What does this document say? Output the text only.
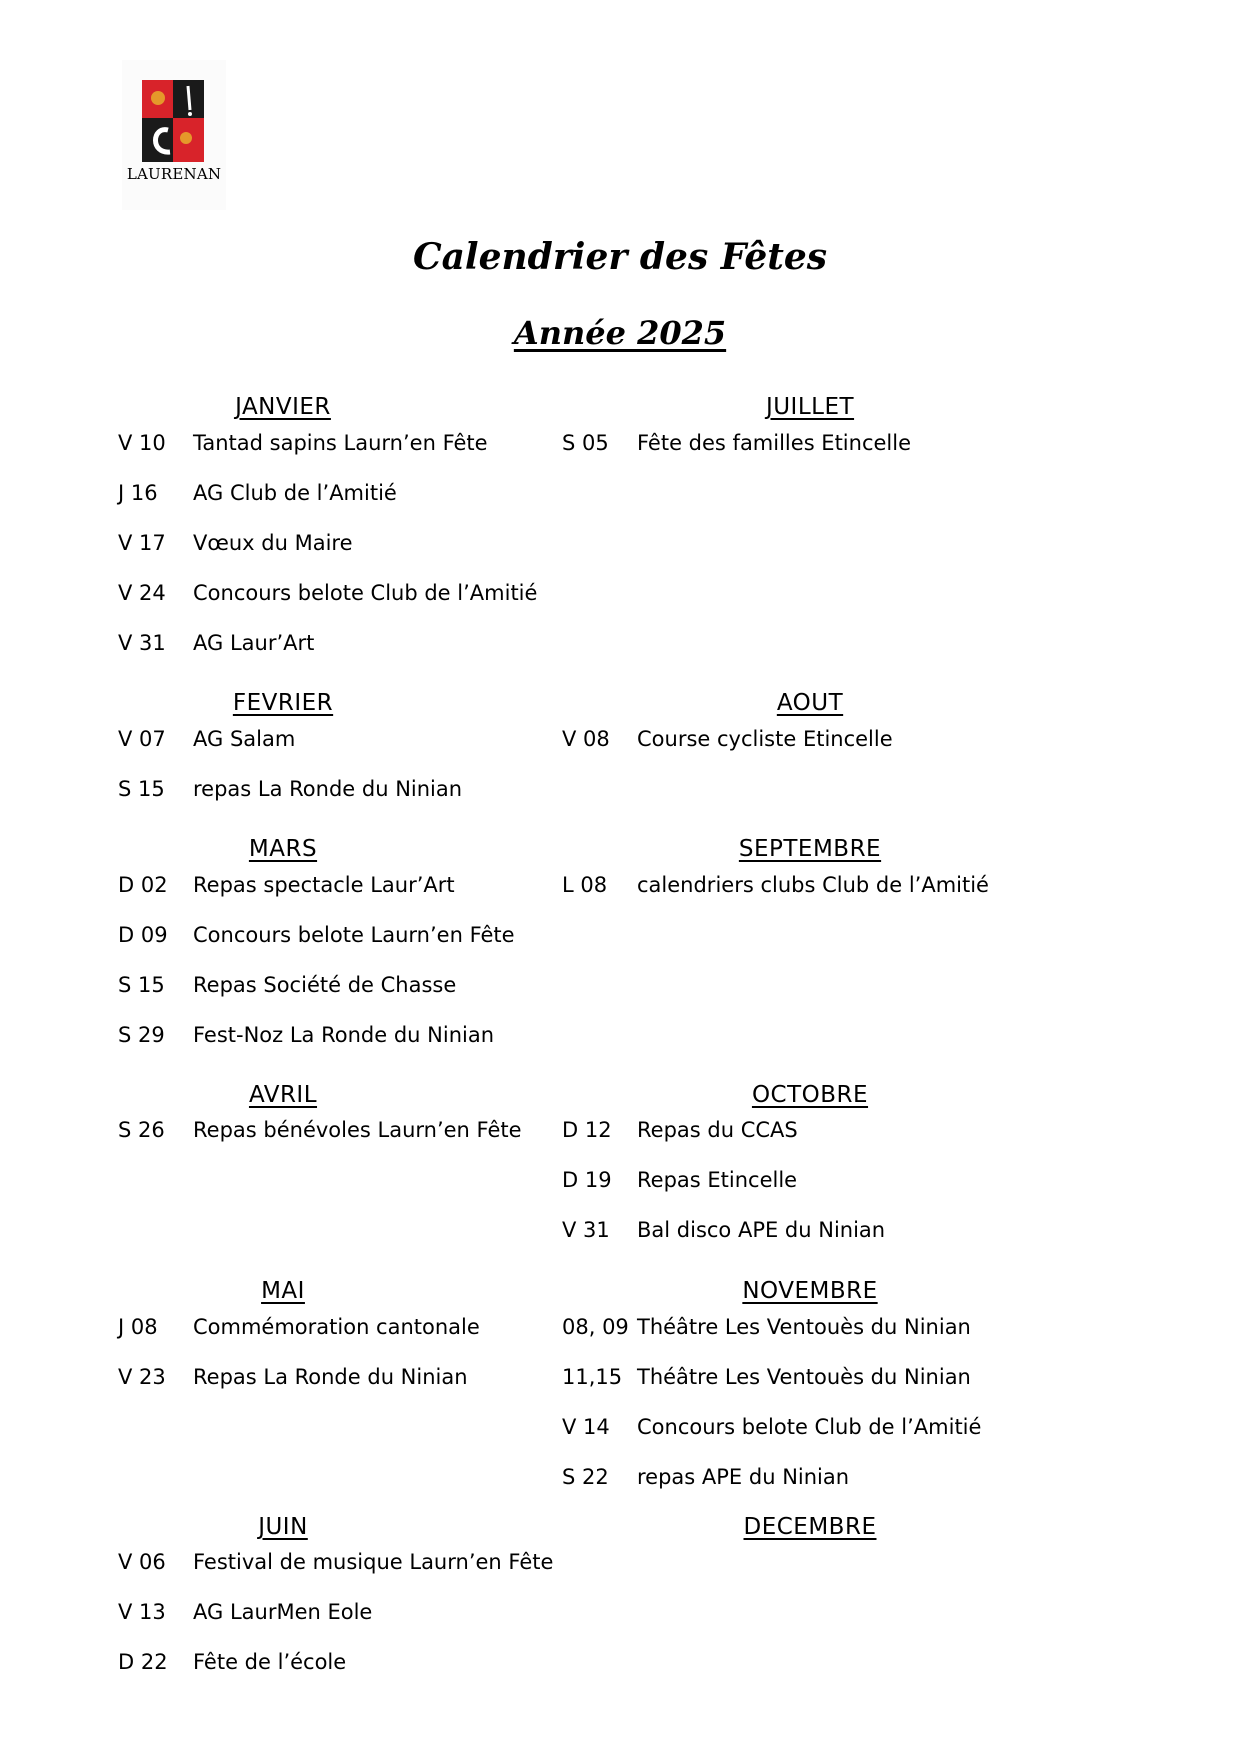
LAURENAN
Calendrier des Fêtes
Année 2025
JANVIER
V 10 Tantad sapins Laurn’en Fête
J 16 AG Club de l’Amitié
V 17 Vœux du Maire
V 24 Concours belote Club de l’Amitié
V 31 AG Laur’Art
FEVRIER
V 07 AG Salam
S 15 repas La Ronde du Ninian
MARS
D 02 Repas spectacle Laur’Art
D 09 Concours belote Laurn’en Fête
S 15 Repas Société de Chasse
S 29 Fest-Noz La Ronde du Ninian
AVRIL
S 26 Repas bénévoles Laurn’en Fête
MAI
J 08 Commémoration cantonale
V 23 Repas La Ronde du Ninian
JUIN
V 06 Festival de musique Laurn’en Fête
V 13 AG LaurMen Eole
D 22 Fête de l’école
JUILLET
S 05 Fête des familles Etincelle
AOUT
V 08 Course cycliste Etincelle
SEPTEMBRE
L 08 calendriers clubs Club de l’Amitié
OCTOBRE
D 12 Repas du CCAS
D 19 Repas Etincelle
V 31 Bal disco APE du Ninian
NOVEMBRE
08, 09 Théâtre Les Ventouès du Ninian
11,15 Théâtre Les Ventouès du Ninian
V 14 Concours belote Club de l’Amitié
S 22 repas APE du Ninian
DECEMBRE
